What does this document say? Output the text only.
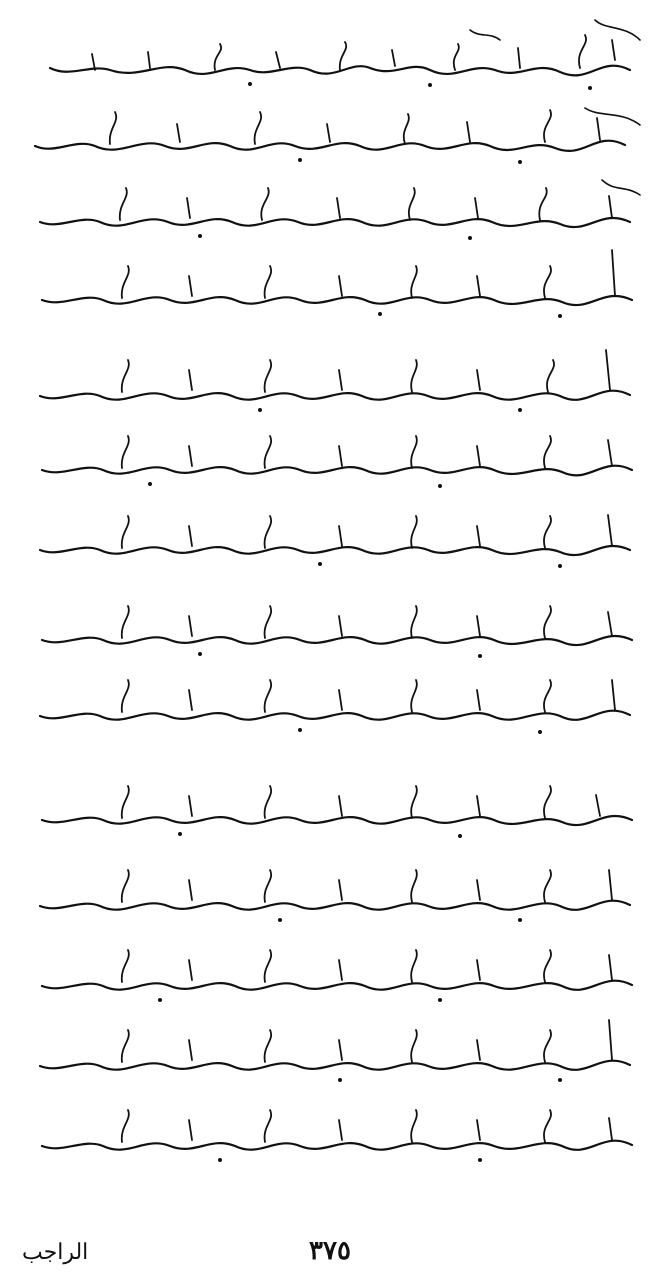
الراجب	٣٧٥
